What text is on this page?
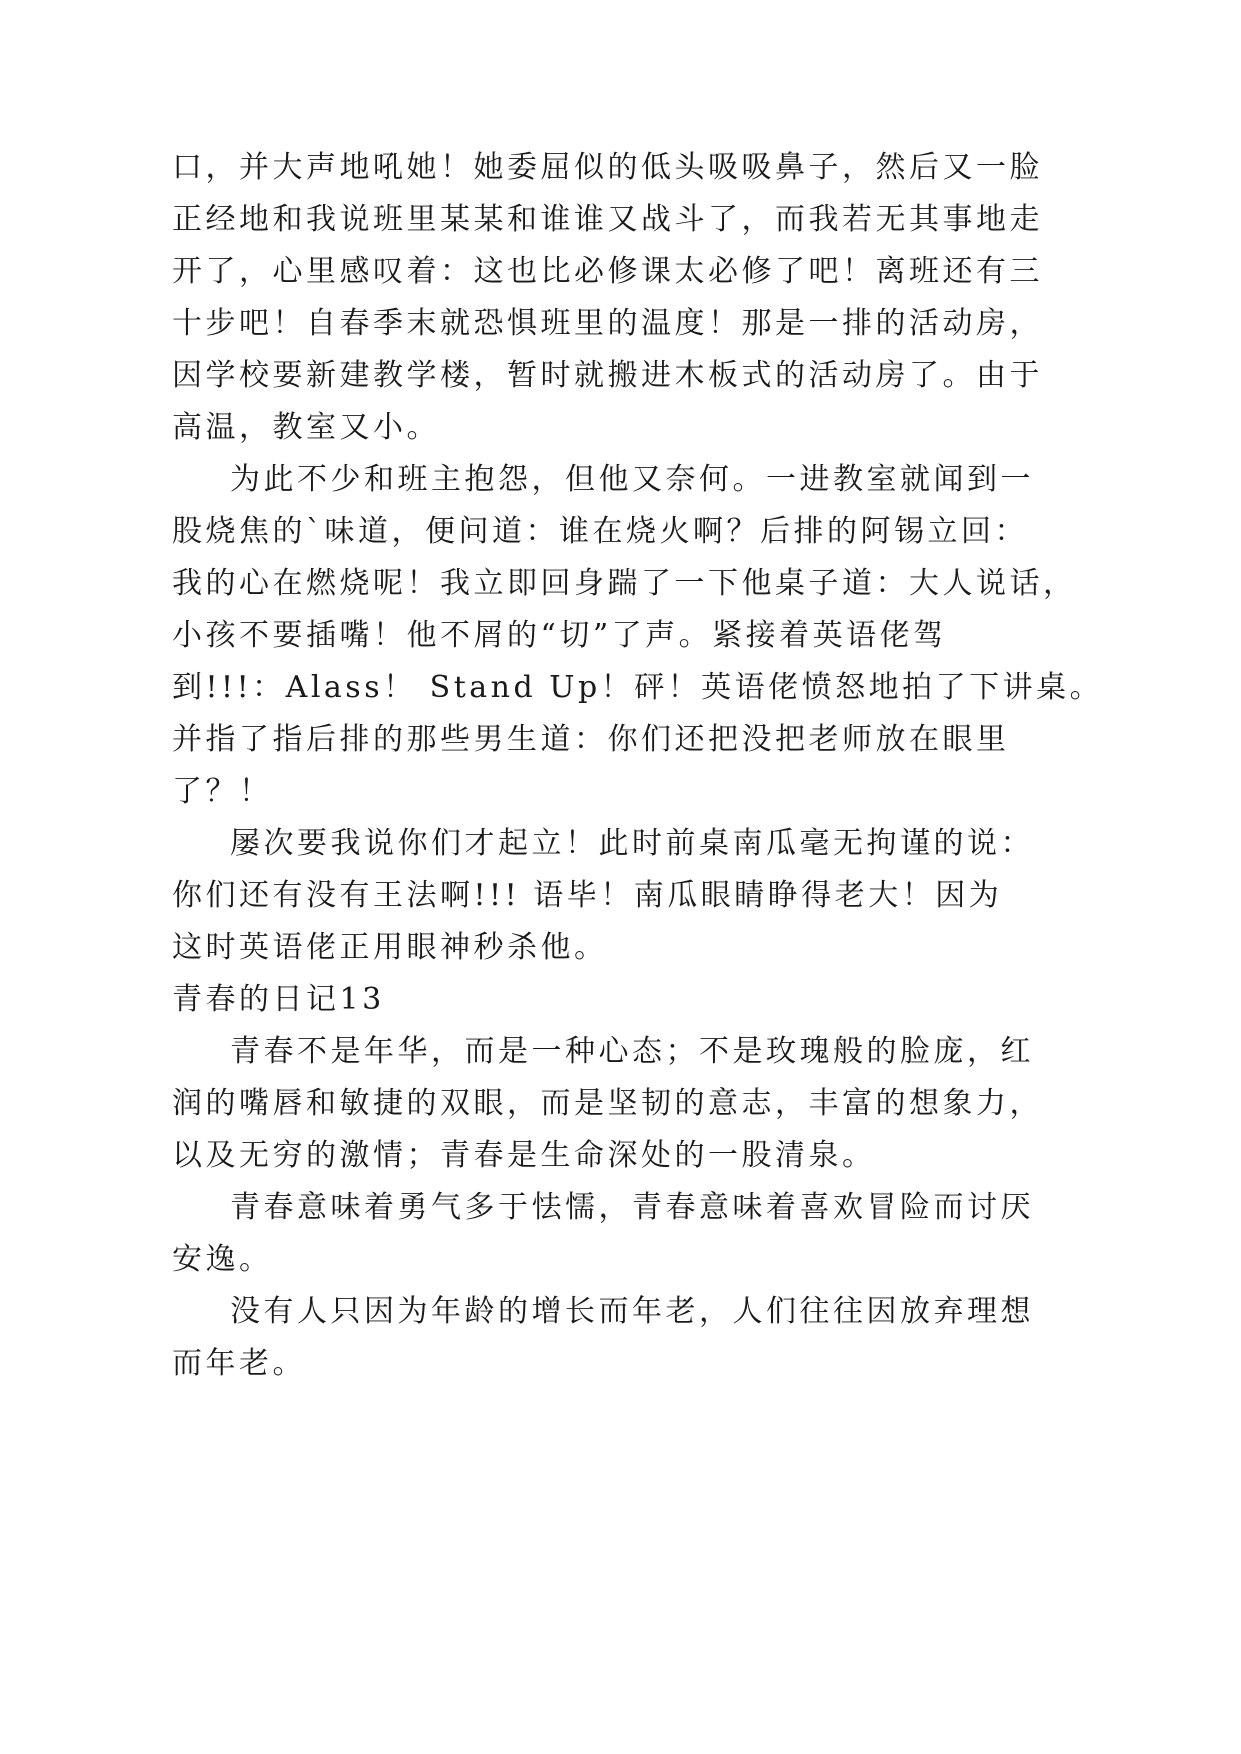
口，并大声地吼她！她委屈似的低头吸吸鼻子，然后又一脸
正经地和我说班里某某和谁谁又战斗了，而我若无其事地走
开了，心里感叹着：这也比必修课太必修了吧！离班还有三
十步吧！自春季末就恐惧班里的温度！那是一排的活动房，
因学校要新建教学楼，暂时就搬进木板式的活动房了。由于
高温，教室又小。
为此不少和班主抱怨，但他又奈何。一进教室就闻到一
股烧焦的`味道，便问道：谁在烧火啊？后排的阿锡立回：
我的心在燃烧呢！我立即回身踹了一下他桌子道：大人说话，
小孩不要插嘴！他不屑的“切”了声。紧接着英语佬驾
到!!!：Alass！ Stand Up！砰！英语佬愤怒地拍了下讲桌。
并指了指后排的那些男生道：你们还把没把老师放在眼里
了？！
屡次要我说你们才起立！此时前桌南瓜毫无拘谨的说：
你们还有没有王法啊!!! 语毕！南瓜眼睛睁得老大！因为
这时英语佬正用眼神秒杀他。
青春的日记13
青春不是年华，而是一种心态；不是玫瑰般的脸庞，红
润的嘴唇和敏捷的双眼，而是坚韧的意志，丰富的想象力，
以及无穷的激情；青春是生命深处的一股清泉。
青春意味着勇气多于怯懦，青春意味着喜欢冒险而讨厌
安逸。
没有人只因为年龄的增长而年老，人们往往因放弃理想
而年老。
